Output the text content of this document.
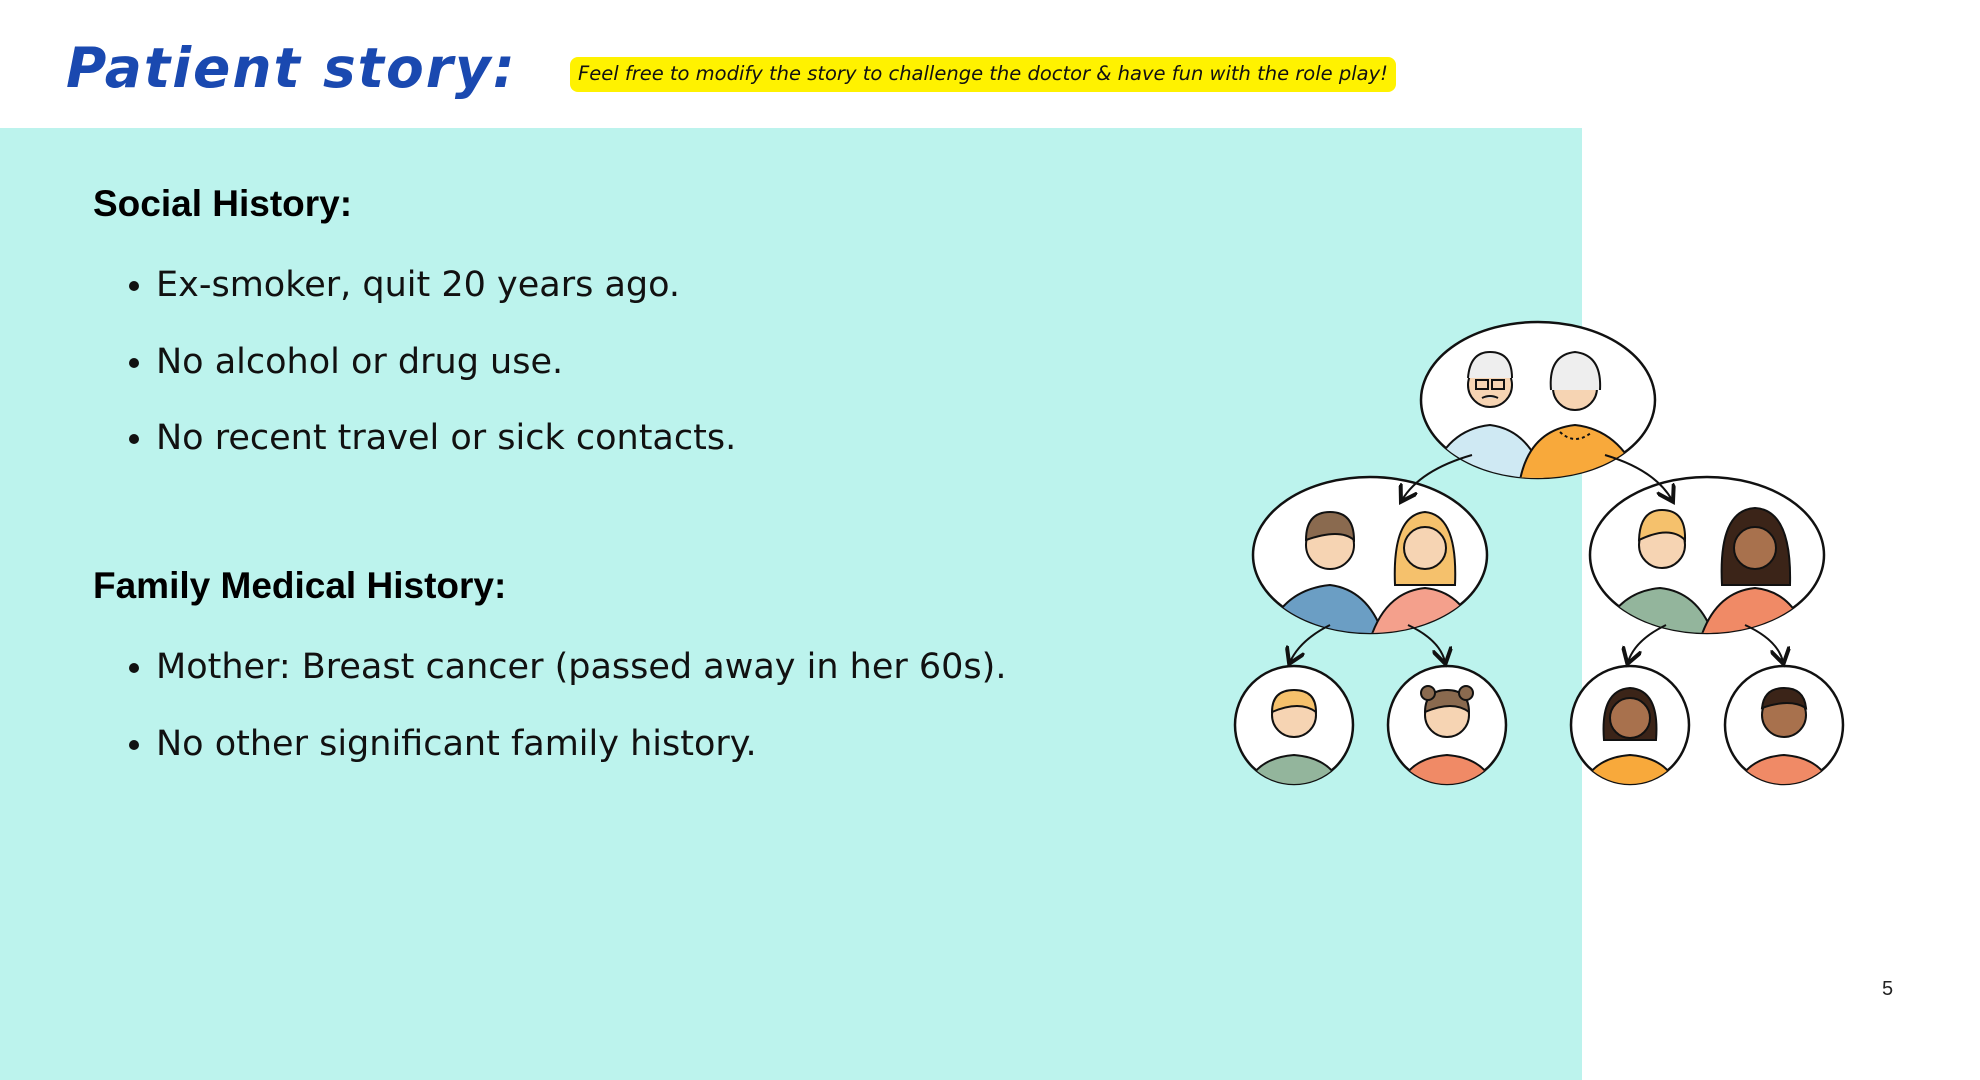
Patient story:	Feel free to modify the story to challenge the doctor & have fun with the role play!
Social History:
Ex-smoker, quit 20 years ago.
No alcohol or drug use.
No recent travel or sick contacts.
Family Medical History:
Mother: Breast cancer (passed away in her 60s).
No other significant family history.
5
